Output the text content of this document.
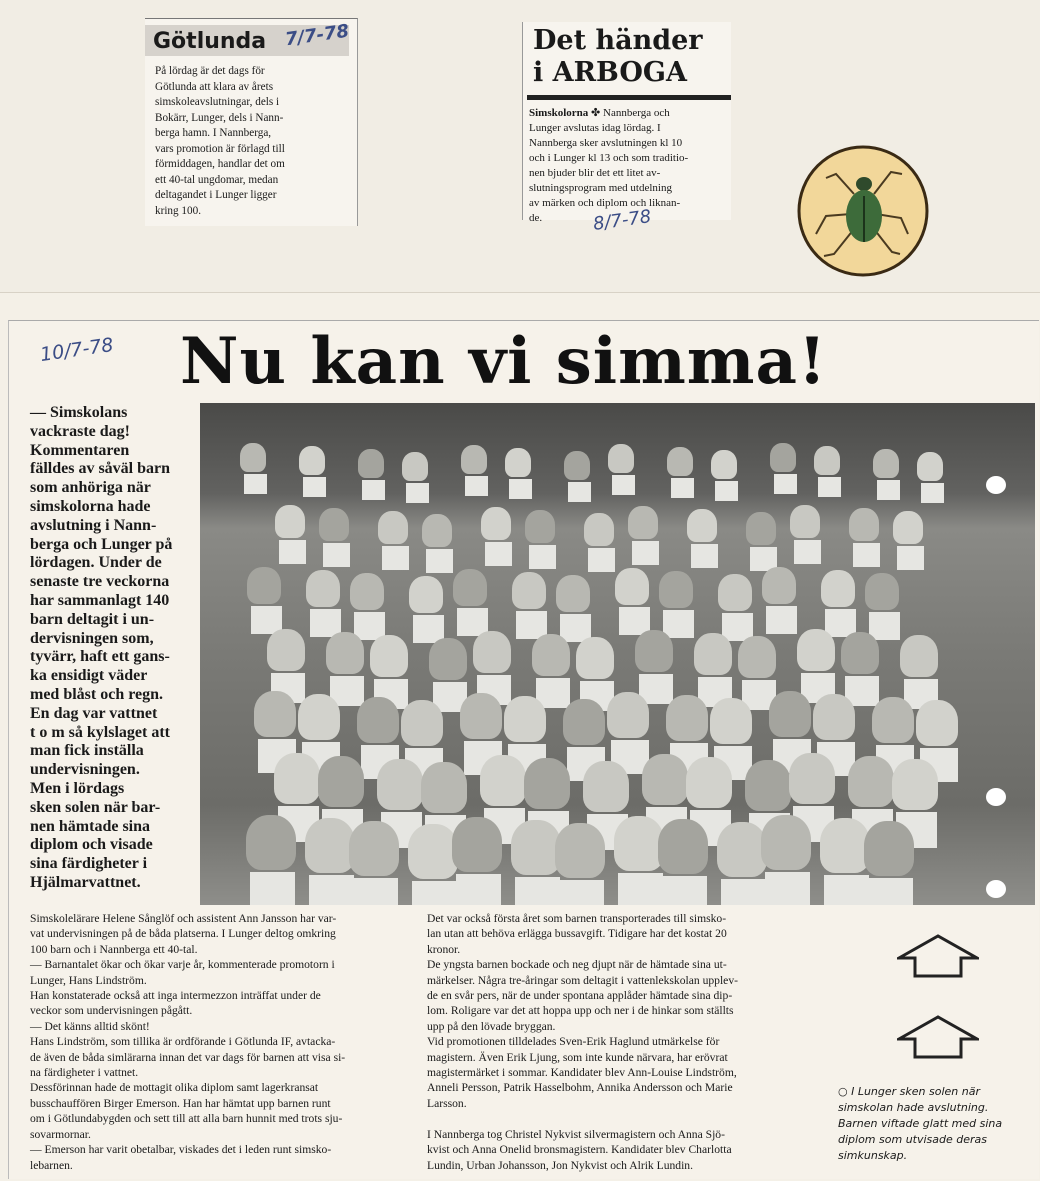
Götlunda 7/7-78
På lördag är det dags för
Götlunda att klara av årets
simskoleavslutningar, dels i
Bokärr, Lunger, dels i Nann-
berga hamn. I Nannberga,
vars promotion är förlagd till
förmiddagen, handlar det om
ett 40-tal ungdomar, medan
deltagandet i Lunger ligger
kring 100.
Det händer
i ARBOGA
Simskolorna ✤ Nannberga och
Lunger avslutas idag lördag. I
Nannberga sker avslutningen kl 10
och i Lunger kl 13 och som traditio-
nen bjuder blir det ett litet av-
slutningsprogram med utdelning
av märken och diplom och liknan-
de.	8/7-78
10/7-78 Nu kan vi simma!
— Simskolans
vackraste dag!
Kommentaren
fälldes av såväl barn
som anhöriga när
simskolorna hade
avslutning i Nann-
berga och Lunger på
lördagen. Under de
senaste tre veckorna
har sammanlagt 140
barn deltagit i un-
dervisningen som,
tyvärr, haft ett gans-
ka ensidigt väder
med blåst och regn.
En dag var vattnet
t o m så kylslaget att
man fick inställa
undervisningen.
Men i lördags
sken solen när bar-
nen hämtade sina
diplom och visade
sina färdigheter i
Hjälmarvattnet.
Simskolelärare Helene Sånglöf och assistent Ann Jansson har var-
vat undervisningen på de båda platserna. I Lunger deltog omkring
100 barn och i Nannberga ett 40-tal.
— Barnantalet ökar och ökar varje år, kommenterade promotorn i
Lunger, Hans Lindström.
Han konstaterade också att inga intermezzon inträffat under de
veckor som undervisningen pågått.
— Det känns alltid skönt!
Hans Lindström, som tillika är ordförande i Götlunda IF, avtacka-
de även de båda simlärarna innan det var dags för barnen att visa si-
na färdigheter i vattnet.
Dessförinnan hade de mottagit olika diplom samt lagerkransat
busschauffören Birger Emerson. Han har hämtat upp barnen runt
om i Götlundabygden och sett till att alla barn hunnit med trots sju-
sovarmornar.
— Emerson har varit obetalbar, viskades det i leden runt simsko-
lebarnen.
Det var också första året som barnen transporterades till simsko-
lan utan att behöva erlägga bussavgift. Tidigare har det kostat 20
kronor.
De yngsta barnen bockade och neg djupt när de hämtade sina ut-
märkelser. Några tre-åringar som deltagit i vattenlekskolan upplev-
de en svår pers, när de under spontana applåder hämtade sina dip-
lom. Roligare var det att hoppa upp och ner i de hinkar som ställts
upp på den lövade bryggan.
Vid promotionen tilldelades Sven-Erik Haglund utmärkelse för
magistern. Även Erik Ljung, som inte kunde närvara, har erövrat
magistermärket i sommar. Kandidater blev Ann-Louise Lindström,
Anneli Persson, Patrik Hasselbohm, Annika Andersson och Marie
Larsson.

I Nannberga tog Christel Nykvist silvermagistern och Anna Sjö-
kvist och Anna Onelid bronsmagistern. Kandidater blev Charlotta
Lundin, Urban Johansson, Jon Nykvist och Alrik Lundin.
○ I Lunger sken solen när
simskolan hade avslutning.
Barnen viftade glatt med sina
diplom som utvisade deras
simkunskap.
